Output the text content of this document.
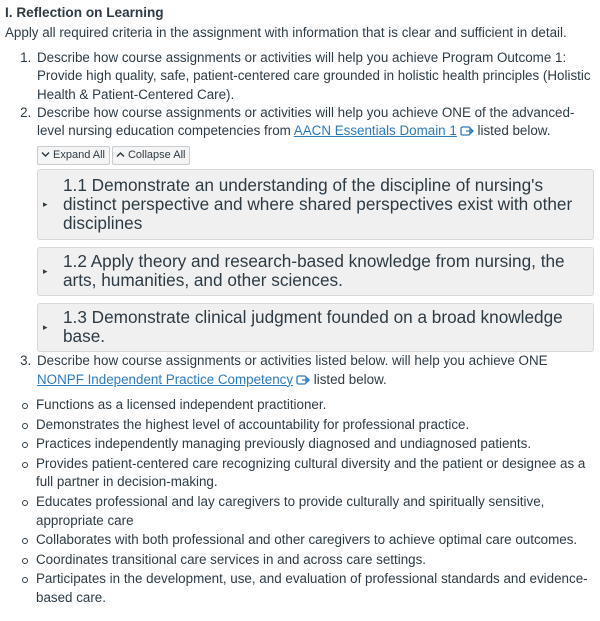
I. Reflection on Learning

Apply all required criteria in the assignment with information that is clear and sufficient in detail.

1. Describe how course assignments or activities will help you achieve Program Outcome 1: Provide high quality, safe, patient-centered care grounded in holistic health principles (Holistic Health & Patient-Centered Care).
2. Describe how course assignments or activities will help you achieve ONE of the advanced-level nursing education competencies from AACN Essentials Domain 1 listed below.
Expand All Collapse All
▸
1.1 Demonstrate an understanding of the discipline of nursing's distinct perspective and where shared perspectives exist with other disciplines
▸ 1.2 Apply theory and research-based knowledge from nursing, the arts, humanities, and other sciences.
▸ 1.3 Demonstrate clinical judgment founded on a broad knowledge base.
3. Describe how course assignments or activities listed below. will help you achieve ONE NONPF Independent Practice Competency listed below.
Functions as a licensed independent practitioner.
Demonstrates the highest level of accountability for professional practice.
Practices independently managing previously diagnosed and undiagnosed patients.
Provides patient-centered care recognizing cultural diversity and the patient or designee as a full partner in decision-making.
Educates professional and lay caregivers to provide culturally and spiritually sensitive, appropriate care
Collaborates with both professional and other caregivers to achieve optimal care outcomes.
Coordinates transitional care services in and across care settings.
Participates in the development, use, and evaluation of professional standards and evidence-based care.
